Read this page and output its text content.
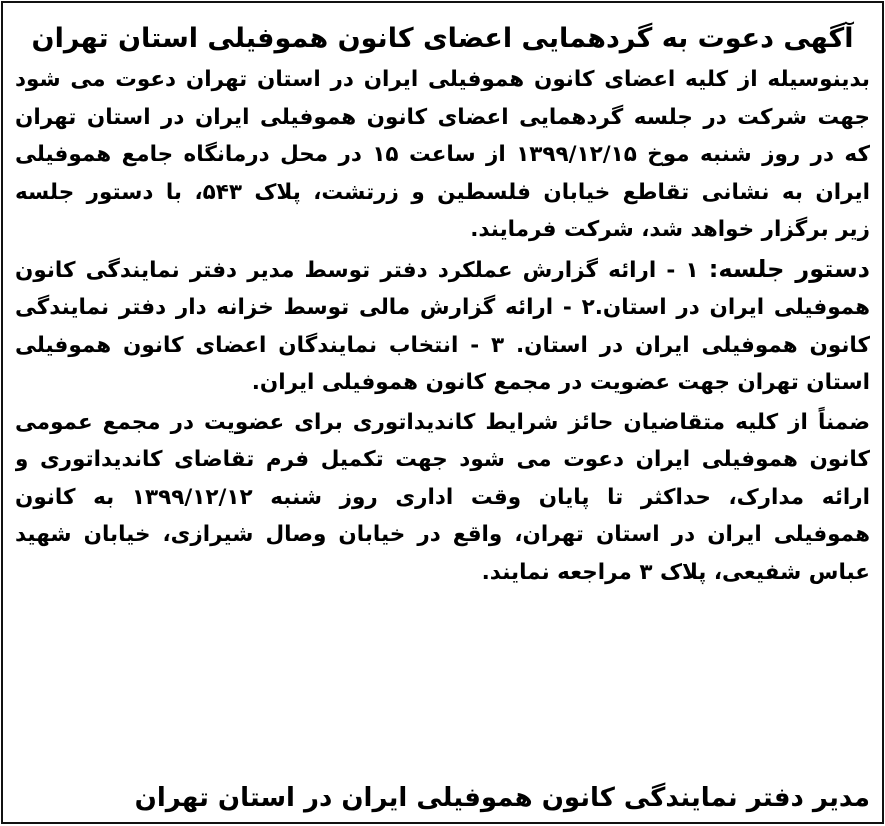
آگهی دعوت به گردهمایی اعضای کانون هموفیلی استان تهران
بدینوسیله از کلیه اعضای کانون هموفیلی ایران در استان تهران دعوت می شود
جهت شرکت در جلسه گردهمایی اعضای کانون هموفیلی ایران در استان تهران
که در روز شنبه موخ ۱۳۹۹/۱۲/۱۵ از ساعت ۱۵ در محل درمانگاه جامع هموفیلی
ایران به نشانی تقاطع خیابان فلسطین و زرتشت، پلاک ۵۴۳، با دستور جلسه
زیر برگزار خواهد شد، شرکت فرمایند.
دستور جلسه: ۱ - ارائه گزارش عملکرد دفتر توسط مدیر دفتر نمایندگی کانون
هموفیلی ایران در استان.۲ - ارائه گزارش مالی توسط خزانه دار دفتر نمایندگی
کانون هموفیلی ایران در استان. ۳ - انتخاب نمایندگان اعضای کانون هموفیلی
استان تهران جهت عضویت در مجمع کانون هموفیلی ایران.
ضمناً از کلیه متقاضیان حائز شرایط کاندیداتوری برای عضویت در مجمع عمومی
کانون هموفیلی ایران دعوت می شود جهت تکمیل فرم تقاضای کاندیداتوری و
ارائه مدارک، حداکثر تا پایان وقت اداری روز شنبه ۱۳۹۹/۱۲/۱۲ به کانون
هموفیلی ایران در استان تهران، واقع در خیابان وصال شیرازی، خیابان شهید
عباس شفیعی، پلاک ۳ مراجعه نمایند.
مدیر دفتر نمایندگی کانون هموفیلی ایران در استان تهران
